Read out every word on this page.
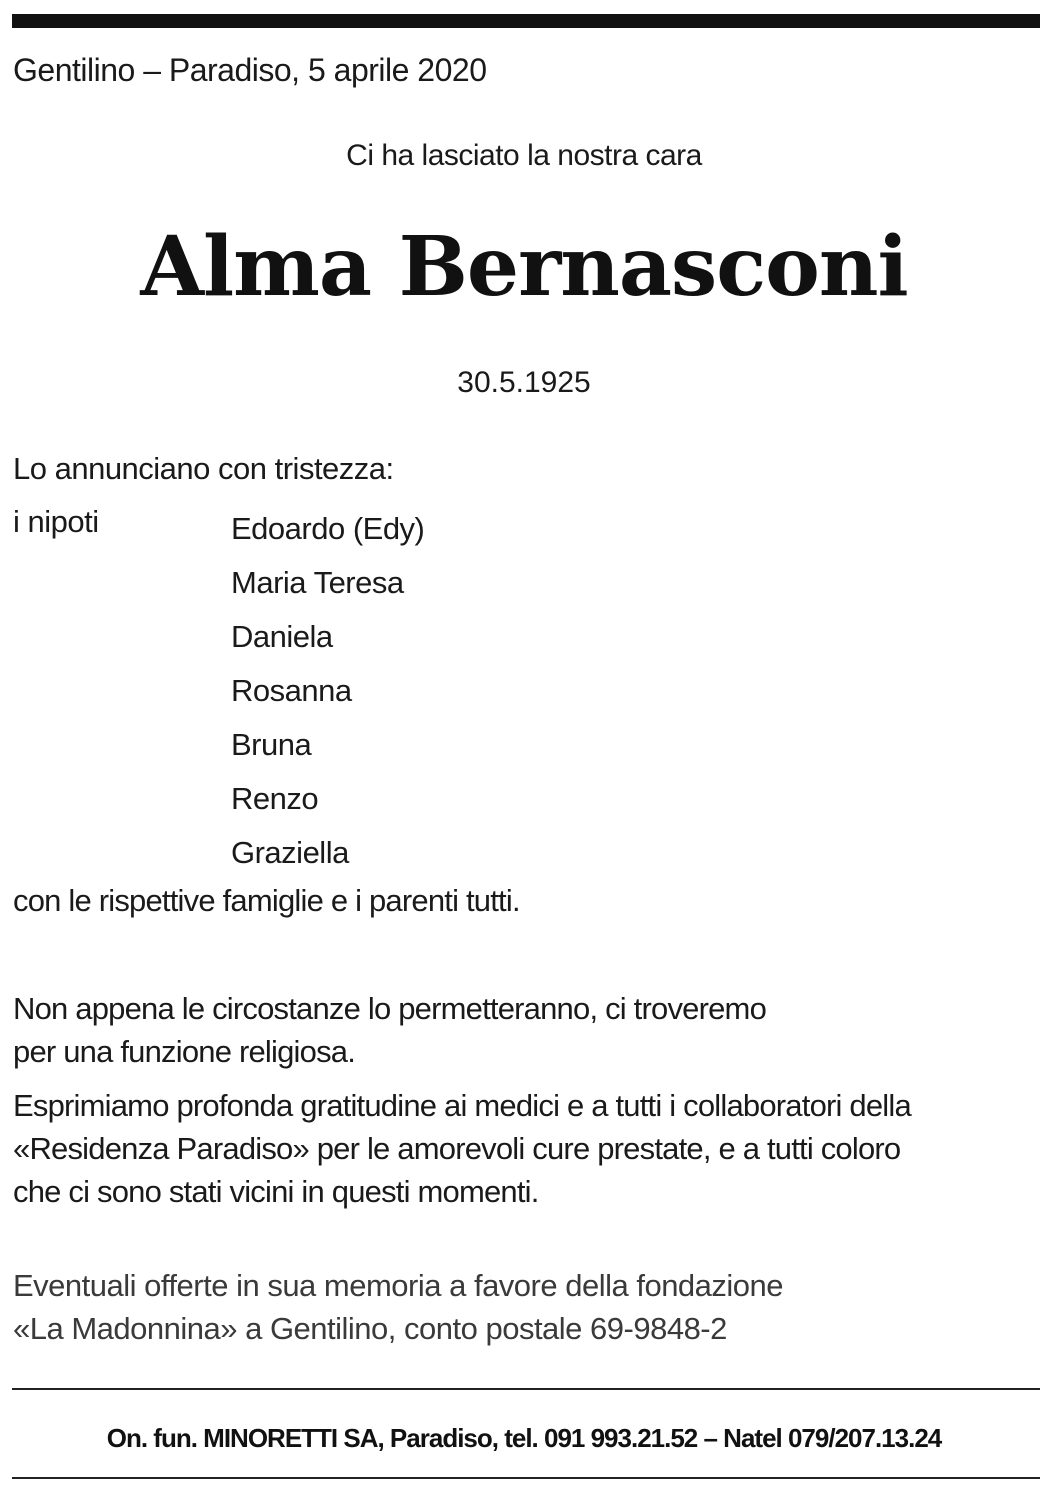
Gentilino – Paradiso, 5 aprile 2020
Ci ha lasciato la nostra cara
Alma Bernasconi
30.5.1925
Lo annunciano con tristezza:
i nipoti	Edoardo (Edy)
Maria Teresa
Daniela
Rosanna
Bruna
Renzo
Graziella
con le rispettive famiglie e i parenti tutti.
Non appena le circostanze lo permetteranno, ci troveremo
per una funzione religiosa.
Esprimiamo profonda gratitudine ai medici e a tutti i collaboratori della
«Residenza Paradiso» per le amorevoli cure prestate, e a tutti coloro
che ci sono stati vicini in questi momenti.
Eventuali offerte in sua memoria a favore della fondazione
«La Madonnina» a Gentilino, conto postale 69-9848-2
On. fun. MINORETTI SA, Paradiso, tel. 091 993.21.52 – Natel 079/207.13.24
